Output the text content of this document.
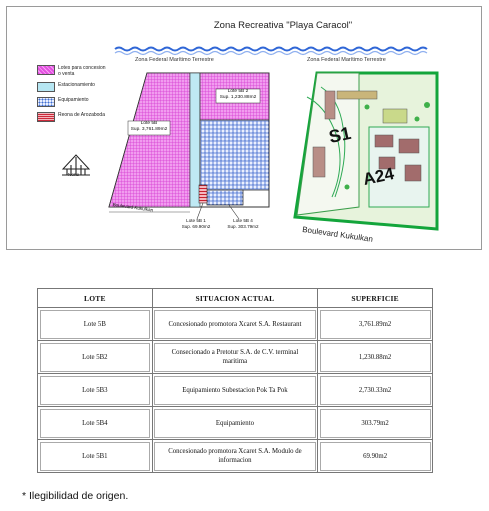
Zona Recreativa "Playa Caracol"
Zona Federal Marítimo Terrestre	Zona Federal Marítimo Terrestre
Lotes para concesion o venta
Estacionamiento
Equipamiento
Reona de Arozaboda
Lote 5B
Sup. 3,761.89m2
Lote 5B 2
Sup. 1,230.88m2
Lote 5B 1
Sup. 69.90m2
Lote 5B 4
Sup. 303.79m2
Norte
Boulevard Kukulkan
S1
A24
Boulevard Kukulkan
LOTE	SITUACION ACTUAL	SUPERFICIE
Lote 5B	Concesionado promotora Xcaret S.A. Restaurant	3,761.89m2
Lote 5B2	Consecionado a Pretotur S.A. de C.V. terminal maritima	1,230.88m2
Lote 5B3	Equipamiento Subestacion Pok Ta Pok	2,730.33m2
Lote 5B4	Equipamiento	303.79m2
Lote 5B1	Concesionado promotora Xcaret S.A. Modulo de informacion	69.90m2
* Ilegibilidad de origen.
